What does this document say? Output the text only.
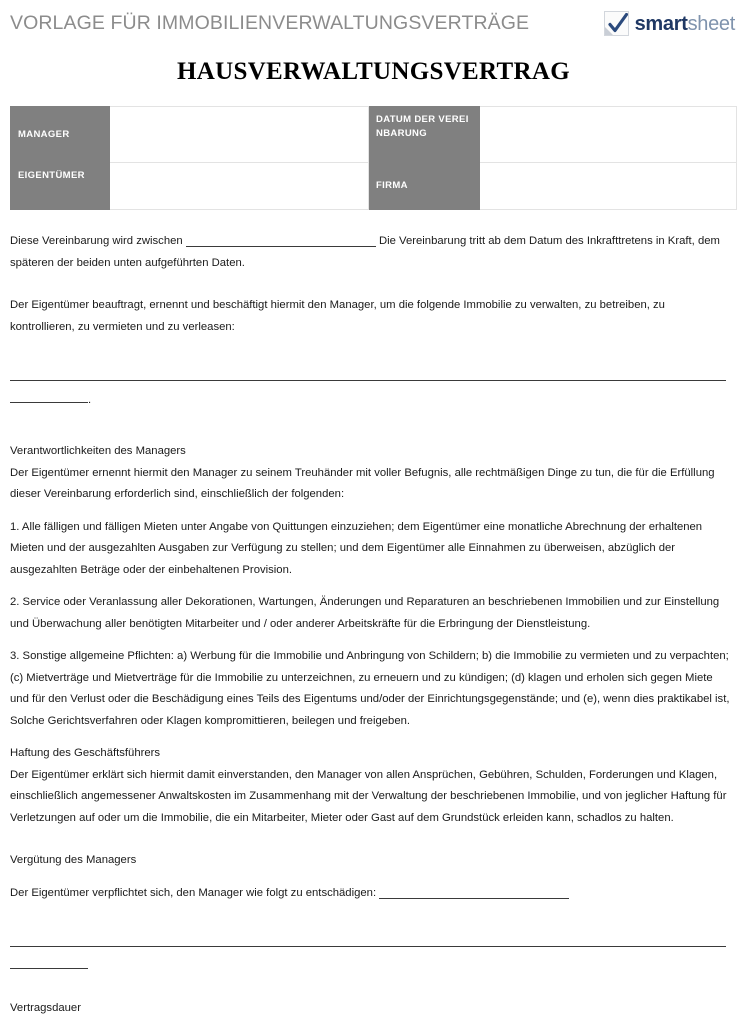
VORLAGE FÜR IMMOBILIENVERWALTUNGSVERTRÄGE	smartsheet
HAUSVERWALTUNGSVERTRAG
MANAGER		DATUM DER VEREINBARUNG	
EIGENTÜMER		FIRMA	

Diese Vereinbarung wird zwischen	Die Vereinbarung tritt ab dem Datum des Inkrafttretens in Kraft, dem späteren der beiden unten aufgeführten Daten.

Der Eigentümer beauftragt, ernennt und beschäftigt hiermit den Manager, um die folgende Immobilie zu verwalten, zu betreiben, zu kontrollieren, zu vermieten und zu verleasen:

.

Verantwortlichkeiten des Managers

Der Eigentümer ernennt hiermit den Manager zu seinem Treuhänder mit voller Befugnis, alle rechtmäßigen Dinge zu tun, die für die Erfüllung dieser Vereinbarung erforderlich sind, einschließlich der folgenden:

1. Alle fälligen und fälligen Mieten unter Angabe von Quittungen einzuziehen; dem Eigentümer eine monatliche Abrechnung der erhaltenen Mieten und der ausgezahlten Ausgaben zur Verfügung zu stellen; und dem Eigentümer alle Einnahmen zu überweisen, abzüglich der ausgezahlten Beträge oder der einbehaltenen Provision.

2. Service oder Veranlassung aller Dekorationen, Wartungen, Änderungen und Reparaturen an beschriebenen Immobilien und zur Einstellung und Überwachung aller benötigten Mitarbeiter und / oder anderer Arbeitskräfte für die Erbringung der Dienstleistung.

3. Sonstige allgemeine Pflichten: a) Werbung für die Immobilie und Anbringung von Schildern; b) die Immobilie zu vermieten und zu verpachten; (c) Mietverträge und Mietverträge für die Immobilie zu unterzeichnen, zu erneuern und zu kündigen; (d) klagen und erholen sich gegen Miete und für den Verlust oder die Beschädigung eines Teils des Eigentums und/oder der Einrichtungsgegenstände; und (e), wenn dies praktikabel ist, Solche Gerichtsverfahren oder Klagen kompromittieren, beilegen und freigeben.

Haftung des Geschäftsführers

Der Eigentümer erklärt sich hiermit damit einverstanden, den Manager von allen Ansprüchen, Gebühren, Schulden, Forderungen und Klagen, einschließlich angemessener Anwaltskosten im Zusammenhang mit der Verwaltung der beschriebenen Immobilie, und von jeglicher Haftung für Verletzungen auf oder um die Immobilie, die ein Mitarbeiter, Mieter oder Gast auf dem Grundstück erleiden kann, schadlos zu halten.

Vergütung des Managers

Der Eigentümer verpflichtet sich, den Manager wie folgt zu entschädigen:

Vertragsdauer
